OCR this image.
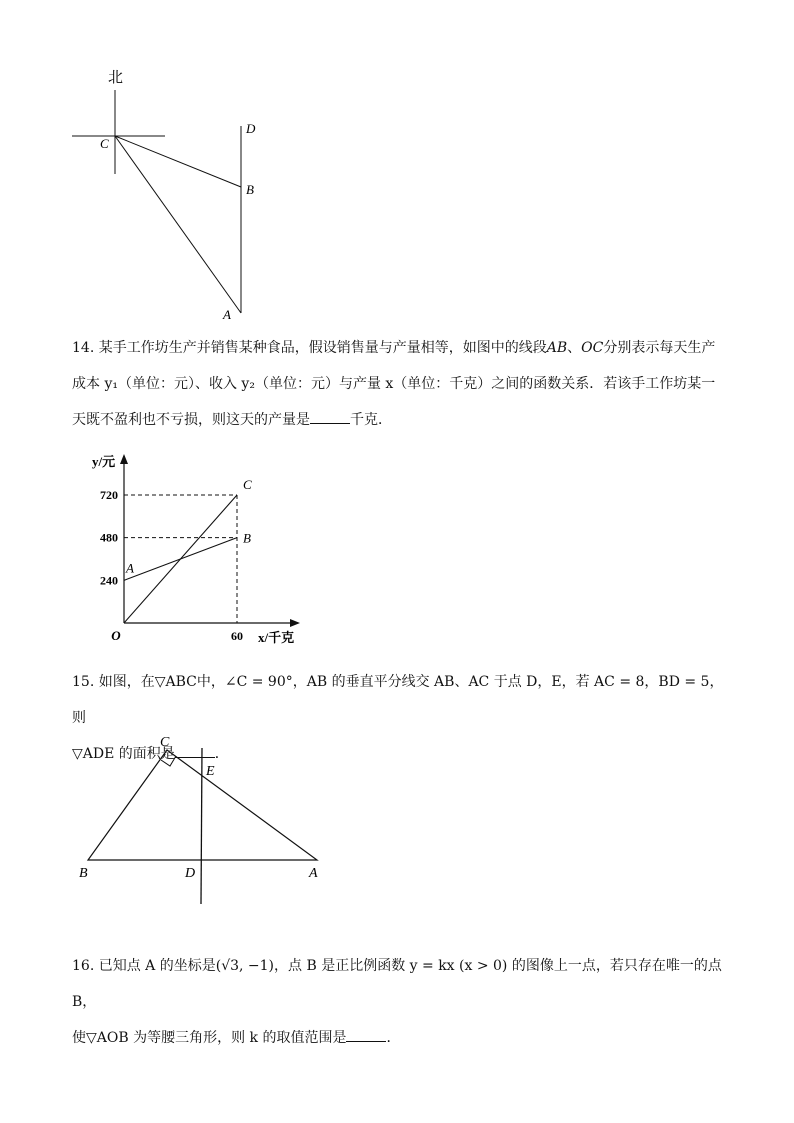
北
C
D
B
A
14. 某手工作坊生产并销售某种食品，假设销售量与产量相等，如图中的线段AB、OC分别表示每天生产
成本 y₁（单位：元）、收入 y₂（单位：元）与产量 x（单位：千克）之间的函数关系．若该手工作坊某一
天既不盈利也不亏损，则这天的产量是	千克．
240
480
720
60
O	x/千克
y/元
A
B
C
15. 如图，在▽ABC中，∠C = 90°，AB 的垂直平分线交 AB、AC 于点 D，E，若 AC = 8，BD = 5，则
▽ADE 的面积是	．
C
E
B	D	A
16. 已知点 A 的坐标是(√3, −1)，点 B 是正比例函数 y = kx (x > 0) 的图像上一点，若只存在唯一的点 B，
使▽AOB 为等腰三角形，则 k 的取值范围是	．
